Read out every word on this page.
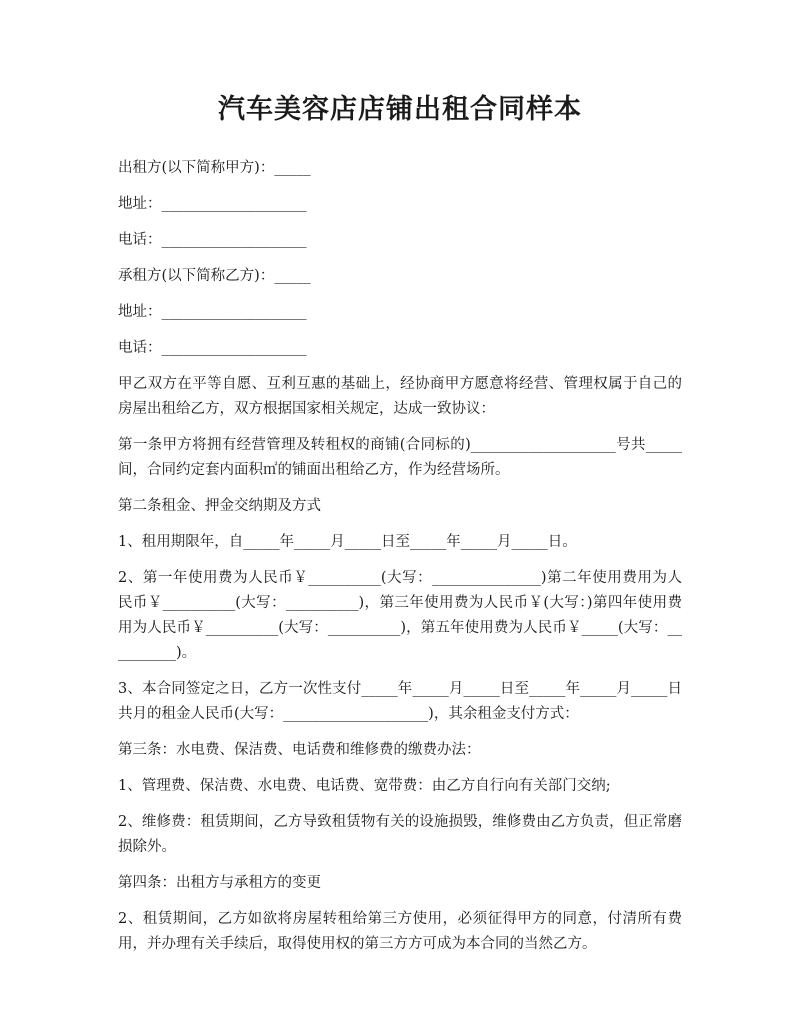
汽车美容店店铺出租合同样本

出租方(以下简称甲方)：_____

地址：____________________

电话：____________________

承租方(以下简称乙方)：_____

地址：____________________

电话：____________________

甲乙双方在平等自愿、互利互惠的基础上，经协商甲方愿意将经营、管理权属于自己的房屋出租给乙方，双方根据国家相关规定，达成一致协议：

第一条甲方将拥有经营管理及转租权的商铺(合同标的)____________________号共_____间，合同约定套内面积㎡的铺面出租给乙方，作为经营场所。

第二条租金、押金交纳期及方式

1、租用期限年，自_____年_____月_____日至_____年_____月_____日。

2、第一年使用费为人民币￥__________(大写：_______________)第二年使用费用为人民币￥__________(大写：__________)，第三年使用费为人民币￥(大写：)第四年使用费用为人民币￥__________(大写：__________)，第五年使用费为人民币￥_____(大写：__________)。

3、本合同签定之日，乙方一次性支付_____年_____月_____日至_____年_____月_____日共月的租金人民币(大写：____________________)，其余租金支付方式：

第三条：水电费、保洁费、电话费和维修费的缴费办法：

1、管理费、保洁费、水电费、电话费、宽带费：由乙方自行向有关部门交纳;

2、维修费：租赁期间，乙方导致租赁物有关的设施损毁，维修费由乙方负责，但正常磨损除外。

第四条：出租方与承租方的变更

2、租赁期间，乙方如欲将房屋转租给第三方使用，必须征得甲方的同意，付清所有费用，并办理有关手续后，取得使用权的第三方方可成为本合同的当然乙方。
